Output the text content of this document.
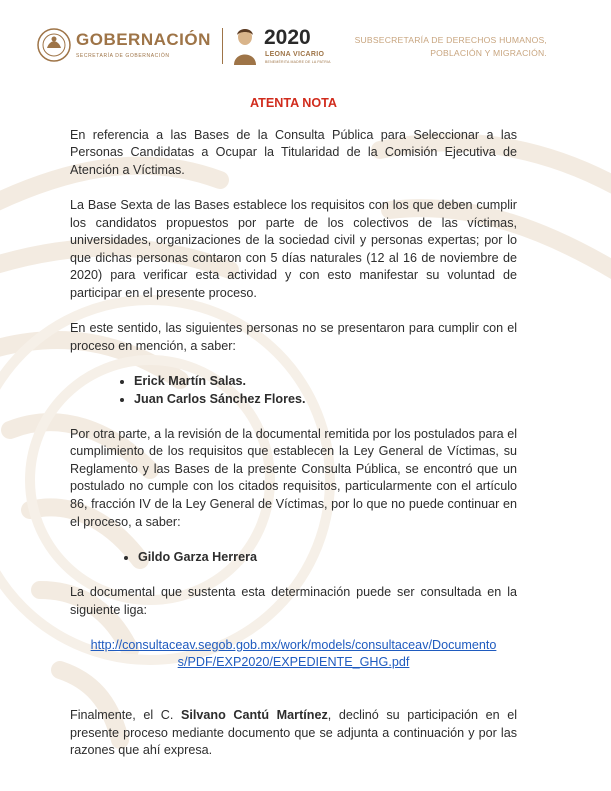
GOBERNACIÓN
SECRETARÍA DE GOBERNACIÓN
2020
LEONA VICARIO
BENEMÉRITA MADRE DE LA PATRIA
SUBSECRETARÍA DE DERECHOS HUMANOS,
POBLACIÓN Y MIGRACIÓN.
ATENTA NOTA

En referencia a las Bases de la Consulta Pública para Seleccionar a las Personas Candidatas a Ocupar la Titularidad de la Comisión Ejecutiva de Atención a Víctimas.

La Base Sexta de las Bases establece los requisitos con los que deben cumplir los candidatos propuestos por parte de los colectivos de las víctimas, universidades, organizaciones de la sociedad civil y personas expertas; por lo que dichas personas contaron con 5 días naturales (12 al 16 de noviembre de 2020) para verificar esta actividad y con esto manifestar su voluntad de participar en el presente proceso.

En este sentido, las siguientes personas no se presentaron para cumplir con el proceso en mención, a saber:

• Erick Martín Salas.
• Juan Carlos Sánchez Flores.

Por otra parte, a la revisión de la documental remitida por los postulados para el cumplimiento de los requisitos que establecen la Ley General de Víctimas, su Reglamento y las Bases de la presente Consulta Pública, se encontró que un postulado no cumple con los citados requisitos, particularmente con el artículo 86, fracción IV de la Ley General de Víctimas, por lo que no puede continuar en el proceso, a saber:

• Gildo Garza Herrera

La documental que sustenta esta determinación puede ser consultada en la siguiente liga:

http://consultaceav.segob.gob.mx/work/models/consultaceav/Documento
s/PDF/EXP2020/EXPEDIENTE_GHG.pdf

Finalmente, el C. Silvano Cantú Martínez, declinó su participación en el presente proceso mediante documento que se adjunta a continuación y por las razones que ahí expresa.
